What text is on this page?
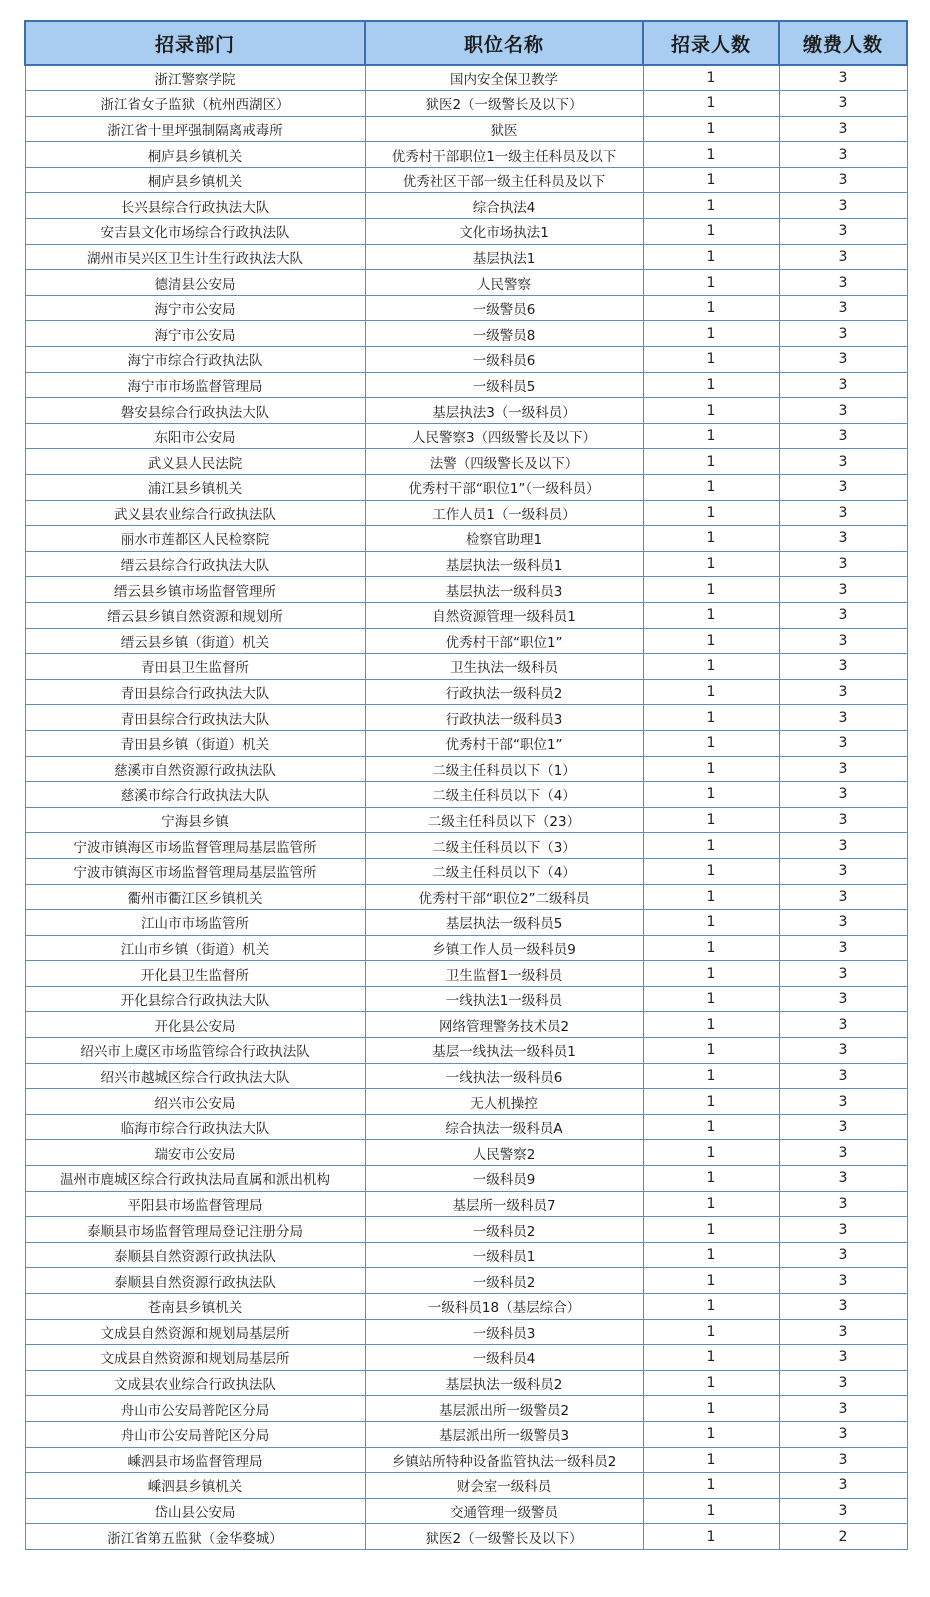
招录部门	职位名称	招录人数	缴费人数
浙江警察学院	国内安全保卫教学	1	3
浙江省女子监狱（杭州西湖区）	狱医2（一级警长及以下）	1	3
浙江省十里坪强制隔离戒毒所	狱医	1	3
桐庐县乡镇机关	优秀村干部职位1一级主任科员及以下	1	3
桐庐县乡镇机关	优秀社区干部一级主任科员及以下	1	3
长兴县综合行政执法大队	综合执法4	1	3
安吉县文化市场综合行政执法队	文化市场执法1	1	3
湖州市吴兴区卫生计生行政执法大队	基层执法1	1	3
德清县公安局	人民警察	1	3
海宁市公安局	一级警员6	1	3
海宁市公安局	一级警员8	1	3
海宁市综合行政执法队	一级科员6	1	3
海宁市市场监督管理局	一级科员5	1	3
磐安县综合行政执法大队	基层执法3（一级科员）	1	3
东阳市公安局	人民警察3（四级警长及以下）	1	3
武义县人民法院	法警（四级警长及以下）	1	3
浦江县乡镇机关	优秀村干部“职位1”（一级科员）	1	3
武义县农业综合行政执法队	工作人员1（一级科员）	1	3
丽水市莲都区人民检察院	检察官助理1	1	3
缙云县综合行政执法大队	基层执法一级科员1	1	3
缙云县乡镇市场监督管理所	基层执法一级科员3	1	3
缙云县乡镇自然资源和规划所	自然资源管理一级科员1	1	3
缙云县乡镇（街道）机关	优秀村干部“职位1”	1	3
青田县卫生监督所	卫生执法一级科员	1	3
青田县综合行政执法大队	行政执法一级科员2	1	3
青田县综合行政执法大队	行政执法一级科员3	1	3
青田县乡镇（街道）机关	优秀村干部“职位1”	1	3
慈溪市自然资源行政执法队	二级主任科员以下（1）	1	3
慈溪市综合行政执法大队	二级主任科员以下（4）	1	3
宁海县乡镇	二级主任科员以下（23）	1	3
宁波市镇海区市场监督管理局基层监管所	二级主任科员以下（3）	1	3
宁波市镇海区市场监督管理局基层监管所	二级主任科员以下（4）	1	3
衢州市衢江区乡镇机关	优秀村干部“职位2”二级科员	1	3
江山市市场监管所	基层执法一级科员5	1	3
江山市乡镇（街道）机关	乡镇工作人员一级科员9	1	3
开化县卫生监督所	卫生监督1一级科员	1	3
开化县综合行政执法大队	一线执法1一级科员	1	3
开化县公安局	网络管理警务技术员2	1	3
绍兴市上虞区市场监管综合行政执法队	基层一线执法一级科员1	1	3
绍兴市越城区综合行政执法大队	一线执法一级科员6	1	3
绍兴市公安局	无人机操控	1	3
临海市综合行政执法大队	综合执法一级科员A	1	3
瑞安市公安局	人民警察2	1	3
温州市鹿城区综合行政执法局直属和派出机构	一级科员9	1	3
平阳县市场监督管理局	基层所一级科员7	1	3
泰顺县市场监督管理局登记注册分局	一级科员2	1	3
泰顺县自然资源行政执法队	一级科员1	1	3
泰顺县自然资源行政执法队	一级科员2	1	3
苍南县乡镇机关	一级科员18（基层综合）	1	3
文成县自然资源和规划局基层所	一级科员3	1	3
文成县自然资源和规划局基层所	一级科员4	1	3
文成县农业综合行政执法队	基层执法一级科员2	1	3
舟山市公安局普陀区分局	基层派出所一级警员2	1	3
舟山市公安局普陀区分局	基层派出所一级警员3	1	3
嵊泗县市场监督管理局	乡镇站所特种设备监管执法一级科员2	1	3
嵊泗县乡镇机关	财会室一级科员	1	3
岱山县公安局	交通管理一级警员	1	3
浙江省第五监狱（金华婺城）	狱医2（一级警长及以下）	1	2
